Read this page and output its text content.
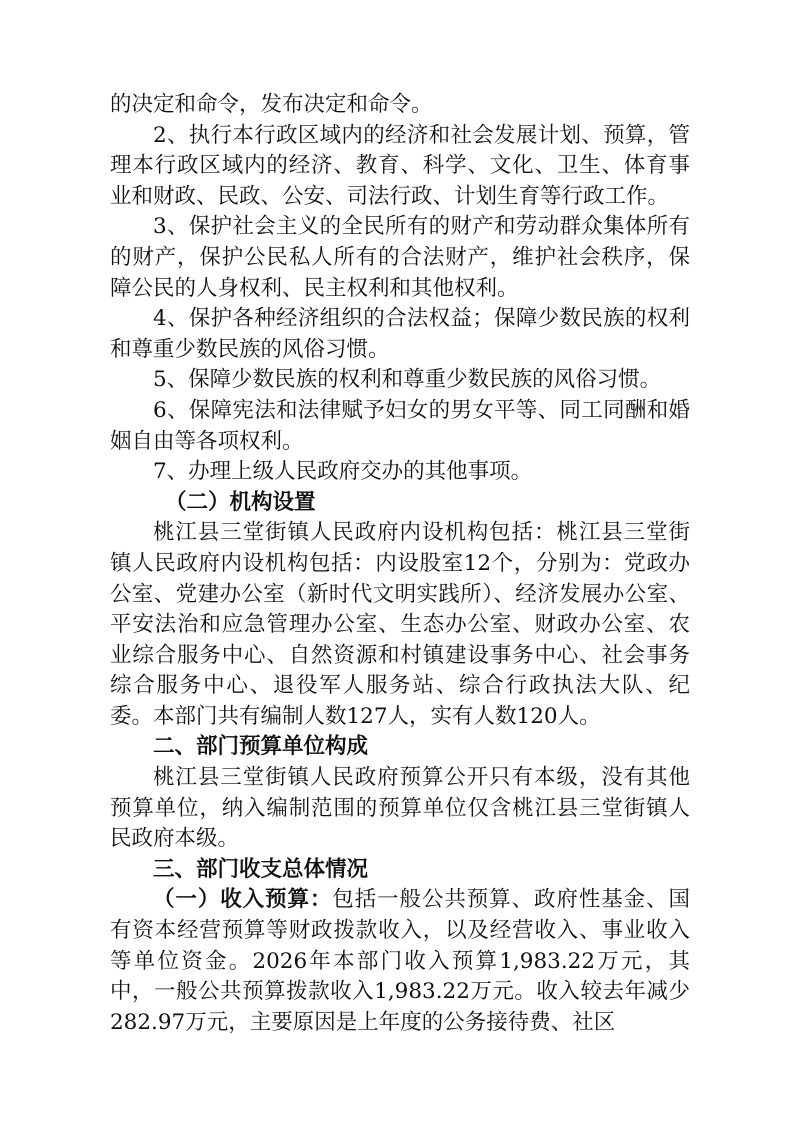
的决定和命令，发布决定和命令。

2、执行本行政区域内的经济和社会发展计划、预算，管理本行政区域内的经济、教育、科学、文化、卫生、体育事业和财政、民政、公安、司法行政、计划生育等行政工作。

3、保护社会主义的全民所有的财产和劳动群众集体所有的财产，保护公民私人所有的合法财产，维护社会秩序，保障公民的人身权利、民主权利和其他权利。

4、保护各种经济组织的合法权益；保障少数民族的权利和尊重少数民族的风俗习惯。

5、保障少数民族的权利和尊重少数民族的风俗习惯。

6、保障宪法和法律赋予妇女的男女平等、同工同酬和婚姻自由等各项权利。

7、办理上级人民政府交办的其他事项。

（二）机构设置

桃江县三堂街镇人民政府内设机构包括：桃江县三堂街镇人民政府内设机构包括：内设股室12个，分别为：党政办公室、党建办公室（新时代文明实践所）、经济发展办公室、平安法治和应急管理办公室、生态办公室、财政办公室、农业综合服务中心、自然资源和村镇建设事务中心、社会事务综合服务中心、退役军人服务站、综合行政执法大队、纪委。本部门共有编制人数127人，实有人数120人。

二、部门预算单位构成

桃江县三堂街镇人民政府预算公开只有本级，没有其他预算单位，纳入编制范围的预算单位仅含桃江县三堂街镇人民政府本级。

三、部门收支总体情况

（一）收入预算：包括一般公共预算、政府性基金、国有资本经营预算等财政拨款收入，以及经营收入、事业收入等单位资金。2026年本部门收入预算1,983.22万元，其中，一般公共预算拨款收入1,983.22万元。收入较去年减少282.97万元，主要原因是上年度的公务接待费、社区
